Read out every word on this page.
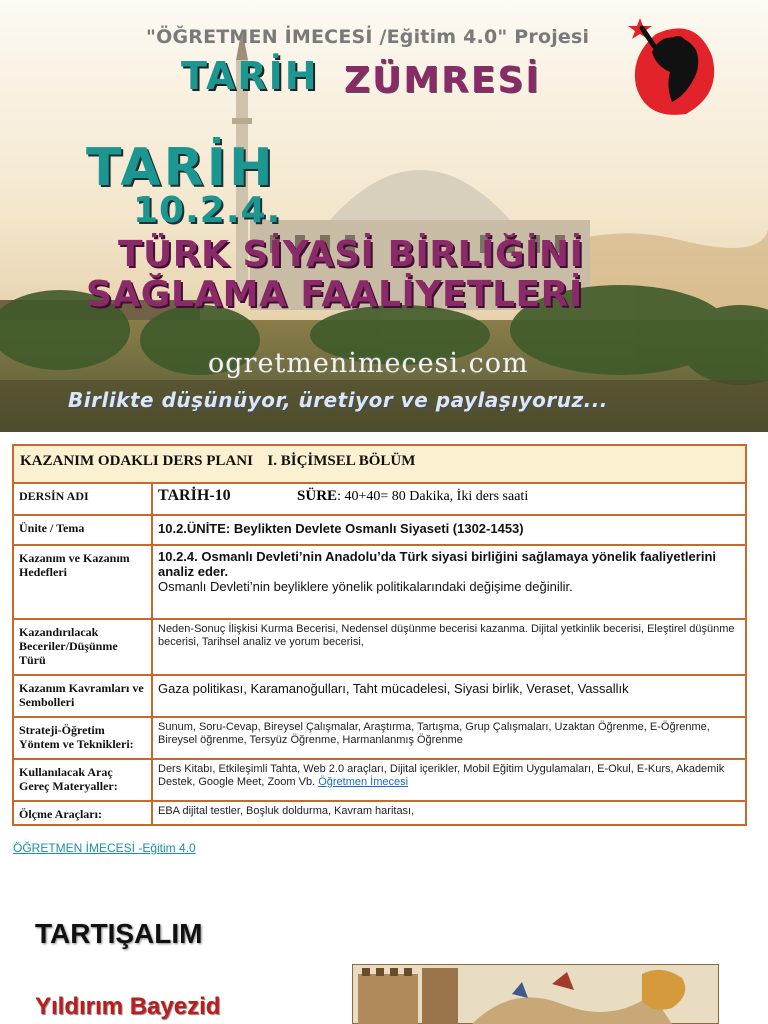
"ÖĞRETMEN İMECESİ /Eğitim 4.0" Projesi
TARİH ZÜMRESİ
TARİH
10.2.4.
TÜRK SİYASİ BİRLİĞİNİ
SAĞLAMA FAALİYETLERİ
ogretmenimecesi.com
Birlikte düşünüyor, üretiyor ve paylaşıyoruz...
KAZANIM ODAKLI DERS PLANI I. BİÇİMSEL BÖLÜM	
DERSİN ADI	TARİH-10 SÜRE: 40+40= 80 Dakika, İki ders saati
Ünite / Tema	10.2.ÜNİTE: Beylikten Devlete Osmanlı Siyaseti (1302-1453)
Kazanım ve Kazanım Hedefleri	10.2.4. Osmanlı Devleti’nin Anadolu’da Türk siyasi birliğini sağlamaya yönelik faaliyetlerini analiz eder.
Osmanlı Devleti’nin beyliklere yönelik politikalarındaki değişime değinilir.

Kazandırılacak Beceriler/Düşünme Türü	Neden-Sonuç İlişkisi Kurma Becerisi, Nedensel düşünme becerisi kazanma. Dijital yetkinlik becerisi, Eleştirel düşünme becerisi, Tarihsel analiz ve yorum becerisi,
Kazanım Kavramları ve Sembolleri	Gaza politikası, Karamanoğulları, Taht mücadelesi, Siyasi birlik, Veraset, Vassallık
Strateji-Öğretim Yöntem ve Teknikleri:	Sunum, Soru-Cevap, Bireysel Çalışmalar, Araştırma, Tartışma, Grup Çalışmaları, Uzaktan Öğrenme, E-Öğrenme, Bireysel öğrenme, Tersyüz Öğrenme, Harmanlanmış Öğrenme
Kullanılacak Araç Gereç Materyaller:	Ders Kitabı, Etkileşimli Tahta, Web 2.0 araçları, Dijital içerikler, Mobil Eğitim Uygulamaları, E-Okul, E-Kurs, Akademik Destek, Google Meet, Zoom Vb. Öğretmen İmecesi
Ölçme Araçları:	EBA dijital testler, Boşluk doldurma, Kavram haritası,
ÖĞRETMEN İMECESİ -Eğitim 4.0
TARTIŞALIM
Yıldırım Bayezid
